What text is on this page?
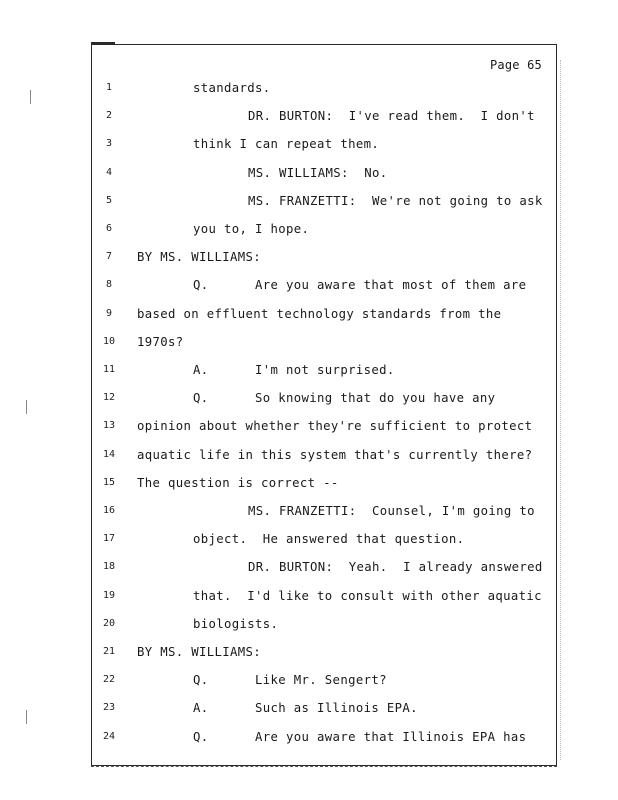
Page 65
1	standards.
2	DR. BURTON:  I've read them.  I don't
3	think I can repeat them.
4	MS. WILLIAMS:  No.
5	MS. FRANZETTI:  We're not going to ask
6	you to, I hope.
7	BY MS. WILLIAMS:
8	Q.      Are you aware that most of them are
9	based on effluent technology standards from the
10	1970s?
11	A.      I'm not surprised.
12	Q.      So knowing that do you have any
13	opinion about whether they're sufficient to protect
14	aquatic life in this system that's currently there?
15	The question is correct --
16	MS. FRANZETTI:  Counsel, I'm going to
17	object.  He answered that question.
18	DR. BURTON:  Yeah.  I already answered
19	that.  I'd like to consult with other aquatic
20	biologists.
21	BY MS. WILLIAMS:
22	Q.      Like Mr. Sengert?
23	A.      Such as Illinois EPA.
24	Q.      Are you aware that Illinois EPA has
